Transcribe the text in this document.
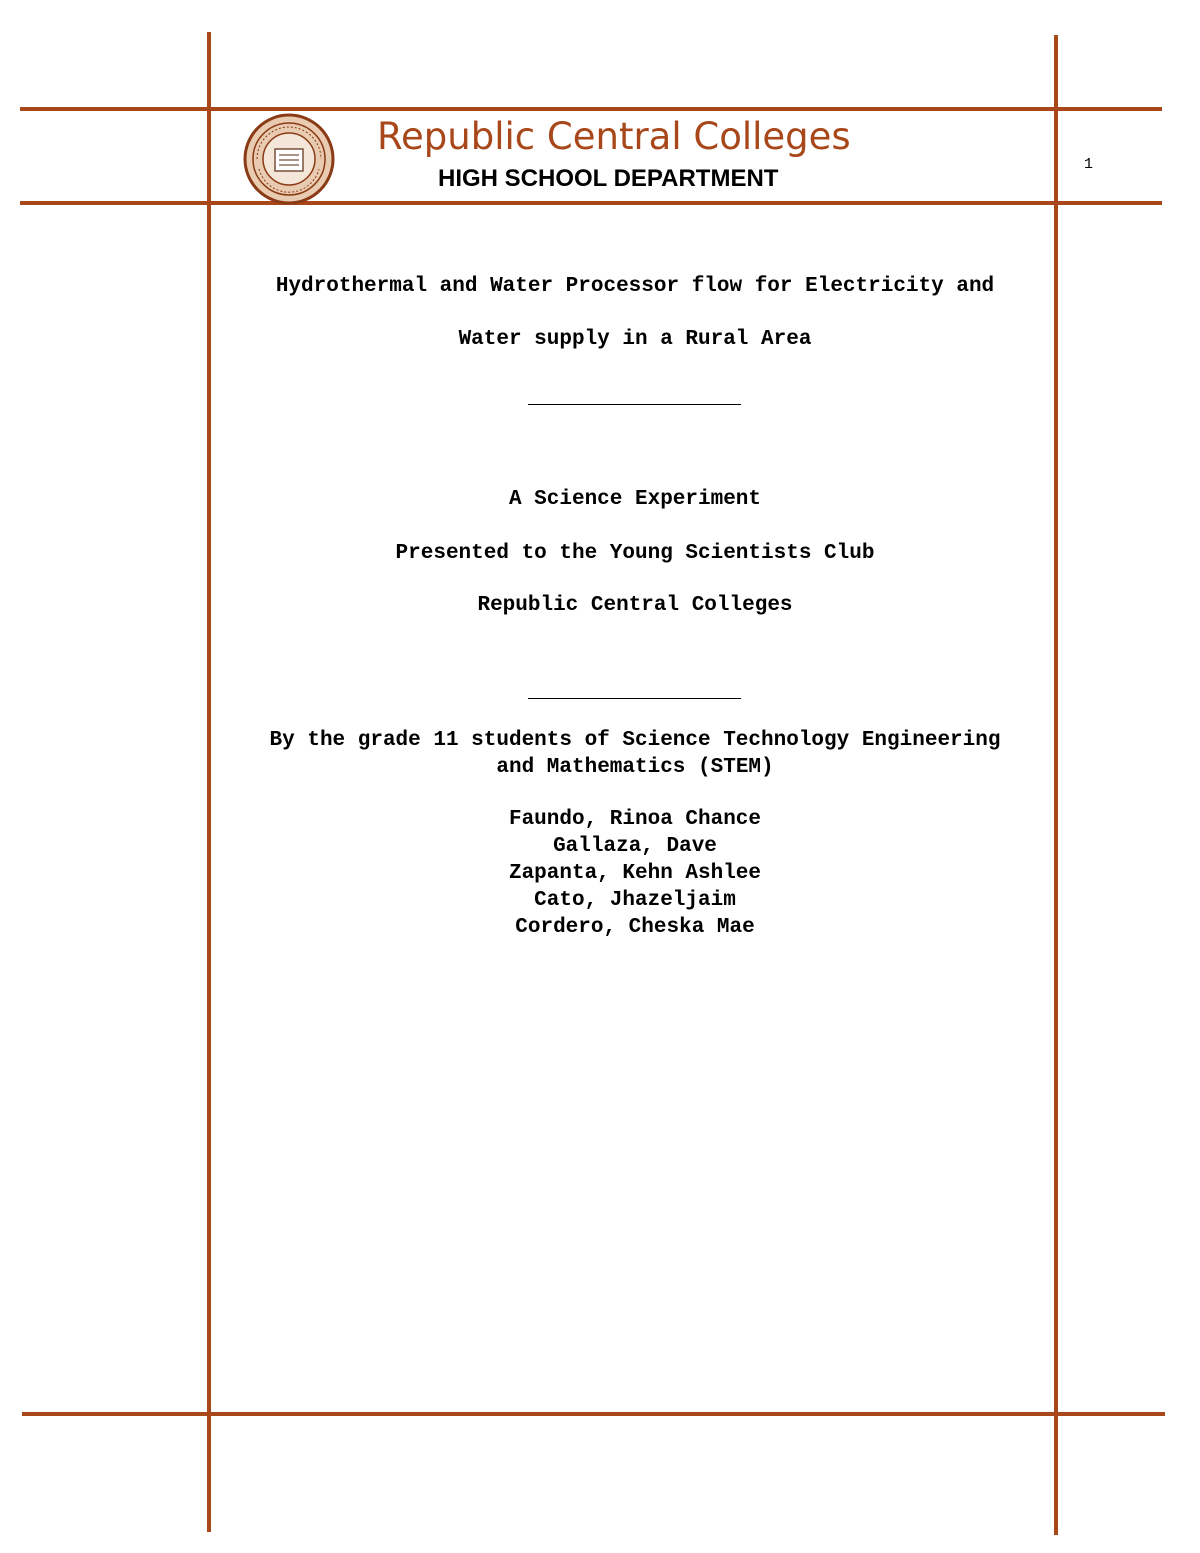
Republic Central Colleges
HIGH SCHOOL DEPARTMENT
1
Hydrothermal and Water Processor flow for Electricity and
Water supply in a Rural Area
A Science Experiment
Presented to the Young Scientists Club
Republic Central Colleges
By the grade 11 students of Science Technology Engineering
and Mathematics (STEM)
Faundo, Rinoa Chance
Gallaza, Dave
Zapanta, Kehn Ashlee
Cato, Jhazeljaim
Cordero, Cheska Mae
